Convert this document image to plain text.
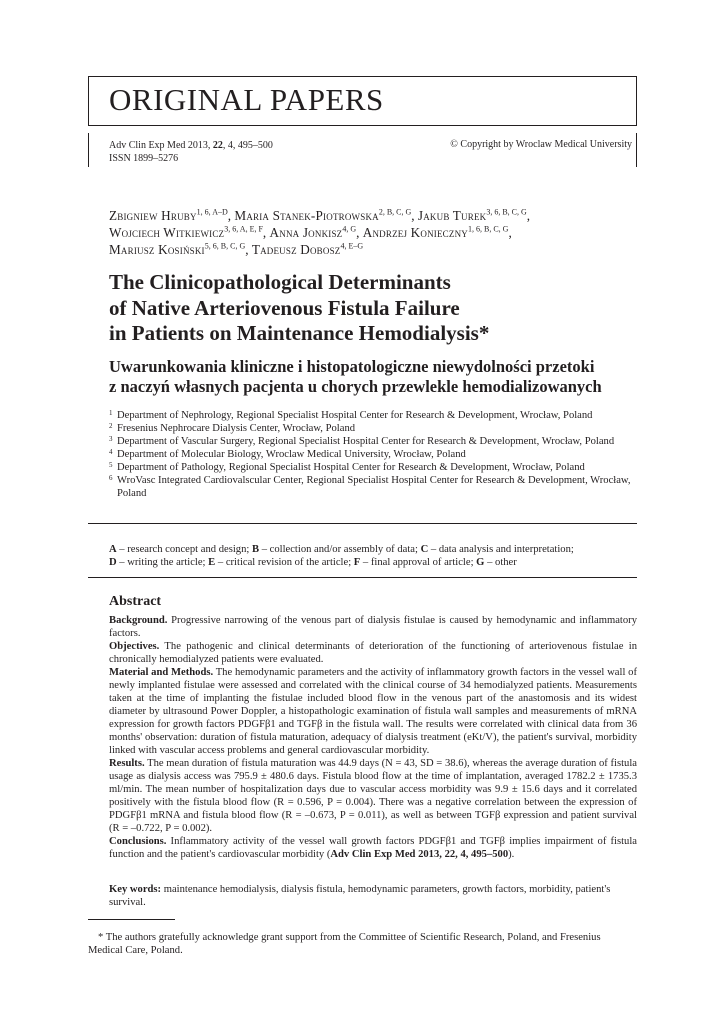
ORIGINAL PAPERS
Adv Clin Exp Med 2013, 22, 4, 495–500
ISSN 1899–5276
© Copyright by Wroclaw Medical University
Zbigniew Hruby$^{1, 6, A-D}$, Maria Stanek-Piotrowska$^{2, B, C, G}$, Jakub Turek$^{3, 6, B, C, G}$,
Wojciech Witkiewicz$^{3, 6, A, E, F}$, Anna Jonkisz$^{4, G}$, Andrzej Konieczny$^{1, 6, B, C, G}$,
Mariusz Kosiński$^{5, 6, B, C, G}$, Tadeusz Dobosz$^{4, E-G}$
The Clinicopathological Determinants
of Native Arteriovenous Fistula Failure
in Patients on Maintenance Hemodialysis*
Uwarunkowania kliniczne i histopatologiczne niewydolności przetoki
z naczyń własnych pacjenta u chorych przewlekle hemodializowanych
1 Department of Nephrology, Regional Specialist Hospital Center for Research & Development, Wrocław, Poland
2 Fresenius Nephrocare Dialysis Center, Wrocław, Poland
3 Department of Vascular Surgery, Regional Specialist Hospital Center for Research & Development, Wrocław, Poland
4 Department of Molecular Biology, Wroclaw Medical University, Wrocław, Poland
5 Department of Pathology, Regional Specialist Hospital Center for Research & Development, Wrocław, Poland
6 WroVasc Integrated Cardiovalscular Center, Regional Specialist Hospital Center for Research & Development, Wrocław, Poland
A – research concept and design; B – collection and/or assembly of data; C – data analysis and interpretation;
D – writing the article; E – critical revision of the article; F – final approval of article; G – other
Abstract

Background. Progressive narrowing of the venous part of dialysis fistulae is caused by hemodynamic and inflammatory factors.

Objectives. The pathogenic and clinical determinants of deterioration of the functioning of arteriovenous fistulae in chronically hemodialyzed patients were evaluated.

Material and Methods. The hemodynamic parameters and the activity of inflammatory growth factors in the vessel wall of newly implanted fistulae were assessed and correlated with the clinical course of 34 hemodialyzed patients. Measurements taken at the time of implanting the fistulae included blood flow in the venous part of the anastomosis and its widest diameter by ultrasound Power Doppler, a histopathologic examination of fistula wall samples and measurements of mRNA expression for growth factors PDGFβ1 and TGFβ in the fistula wall. The results were correlated with clinical data from 36 months' observation: duration of fistula maturation, adequacy of dialysis treatment (eKt/V), the patient's survival, morbidity linked with vascular access problems and general cardiovascular morbidity.

Results. The mean duration of fistula maturation was 44.9 days (N = 43, SD = 38.6), whereas the average duration of fistula usage as dialysis access was 795.9 ± 480.6 days. Fistula blood flow at the time of implantation, averaged 1782.2 ± 1735.3 ml/min. The mean number of hospitalization days due to vascular access morbidity was 9.9 ± 15.6 days and it correlated positively with the fistula blood flow (R = 0.596, P = 0.004). There was a negative correlation between the expression of PDGFβ1 mRNA and fistula blood flow (R = –0.673, P = 0.011), as well as between TGFβ expression and patient survival (R = –0.722, P = 0.002).

Conclusions. Inflammatory activity of the vessel wall growth factors PDGFβ1 and TGFβ implies impairment of fistula function and the patient's cardiovascular morbidity (Adv Clin Exp Med 2013, 22, 4, 495–500).

Key words: maintenance hemodialysis, dialysis fistula, hemodynamic parameters, growth factors, morbidity, patient's survival.
* The authors gratefully acknowledge grant support from the Committee of Scientific Research, Poland, and Fresenius Medical Care, Poland.
